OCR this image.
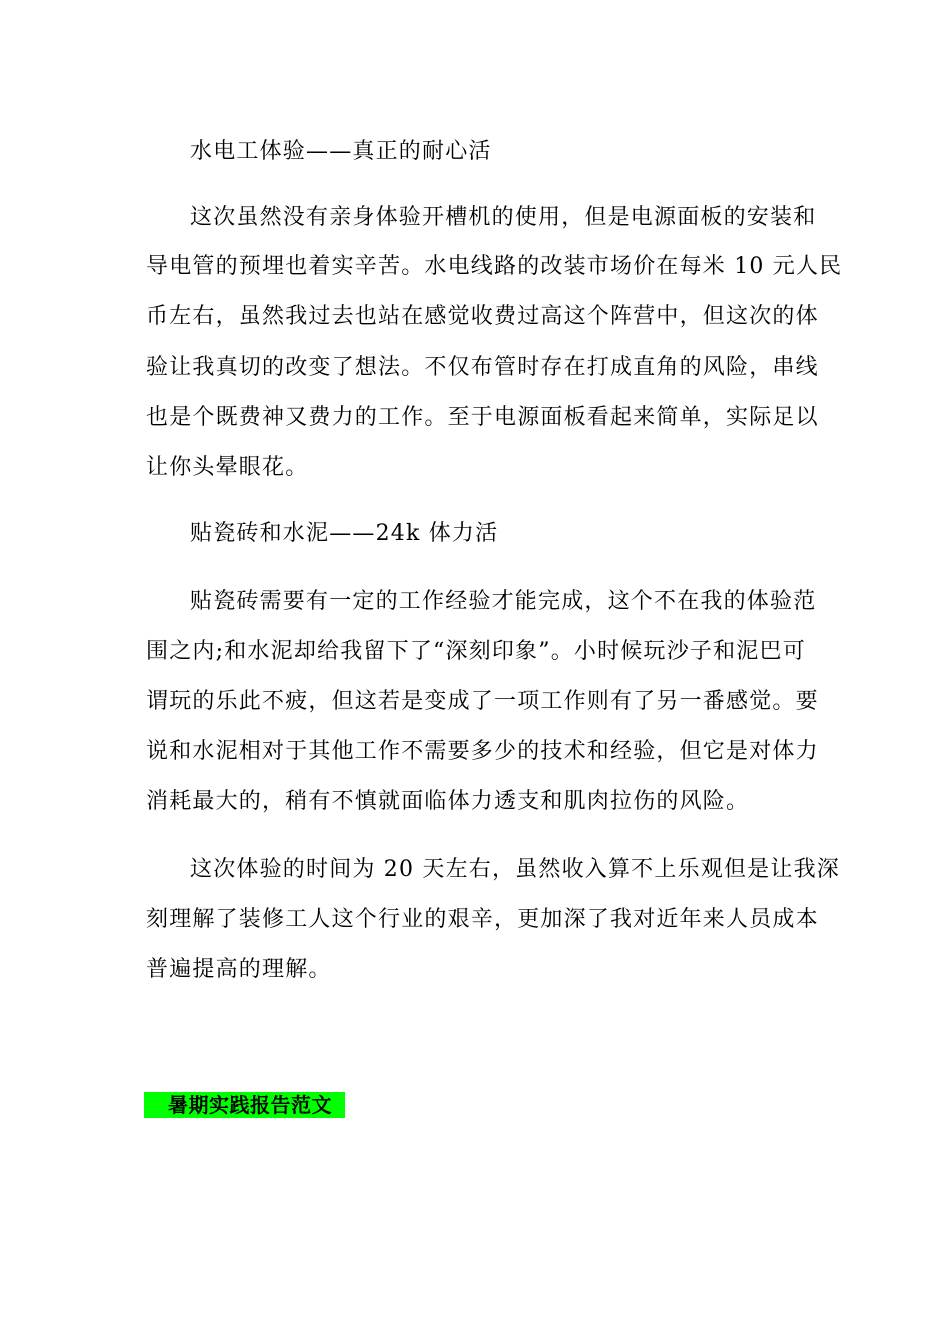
水电工体验——真正的耐心活
这次虽然没有亲身体验开槽机的使用，但是电源面板的安装和
导电管的预埋也着实辛苦。水电线路的改装市场价在每米 10 元人民
币左右，虽然我过去也站在感觉收费过高这个阵营中，但这次的体
验让我真切的改变了想法。不仅布管时存在打成直角的风险，串线
也是个既费神又费力的工作。至于电源面板看起来简单，实际足以
让你头晕眼花。
贴瓷砖和水泥——24k 体力活
贴瓷砖需要有一定的工作经验才能完成，这个不在我的体验范
围之内;和水泥却给我留下了“深刻印象”。小时候玩沙子和泥巴可
谓玩的乐此不疲，但这若是变成了一项工作则有了另一番感觉。要
说和水泥相对于其他工作不需要多少的技术和经验，但它是对体力
消耗最大的，稍有不慎就面临体力透支和肌肉拉伤的风险。
这次体验的时间为 20 天左右，虽然收入算不上乐观但是让我深
刻理解了装修工人这个行业的艰辛，更加深了我对近年来人员成本
普遍提高的理解。
暑期实践报告范文
